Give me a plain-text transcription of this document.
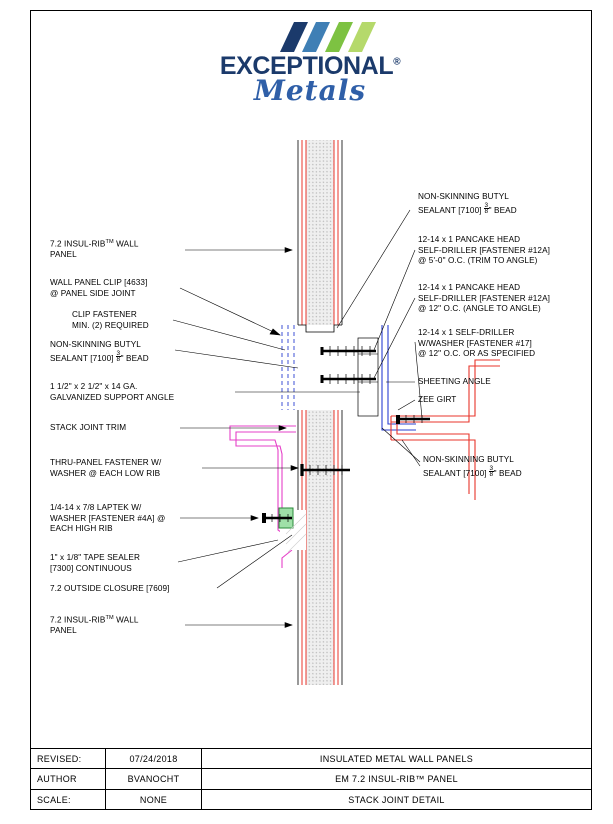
EXCEPTIONAL®
Metals
7.2 INSUL-RIB™ WALL
PANEL
WALL PANEL CLIP [4633]
@ PANEL SIDE JOINT
CLIP FASTENER
MIN. (2) REQUIRED
NON-SKINNING BUTYL
SEALANT $[7100] \frac{3}{8}$ " BEAD
1 1/2" x 2 1/2" x 14 GA.
GALVANIZED SUPPORT ANGLE
STACK JOINT TRIM
THRU-PANEL FASTENER W/
WASHER @ EACH LOW RIB
1/4-14 x 7/8 LAPTEK W/
WASHER [FASTENER #4A] @
EACH HIGH RIB
1" x 1/8" TAPE SEALER
[7300] CONTINUOUS
7.2 OUTSIDE CLOSURE [7609]
7.2 INSUL-RIB™ WALL
PANEL
NON-SKINNING BUTYL
SEALANT $[7100] \frac{3}{8}$ " BEAD
12-14 x 1 PANCAKE HEAD
SELF-DRILLER [FASTENER #12A]
@ 5'-0" O.C. (TRIM TO ANGLE)
12-14 x 1 PANCAKE HEAD
SELF-DRILLER [FASTENER #12A]
@ 12" O.C. (ANGLE TO ANGLE)
12-14 x 1 SELF-DRILLER
W/WASHER [FASTENER #17]
@ 12" O.C. OR AS SPECIFIED
SHEETING ANGLE
ZEE GIRT
NON-SKINNING BUTYL
SEALANT $[7100] \frac{3}{8}$ " BEAD
REVISED:	07/24/2018	INSULATED METAL WALL PANELS
AUTHOR	BVANOCHT	EM 7.2 INSUL-RIB™ PANEL
SCALE:	NONE	STACK JOINT DETAIL
